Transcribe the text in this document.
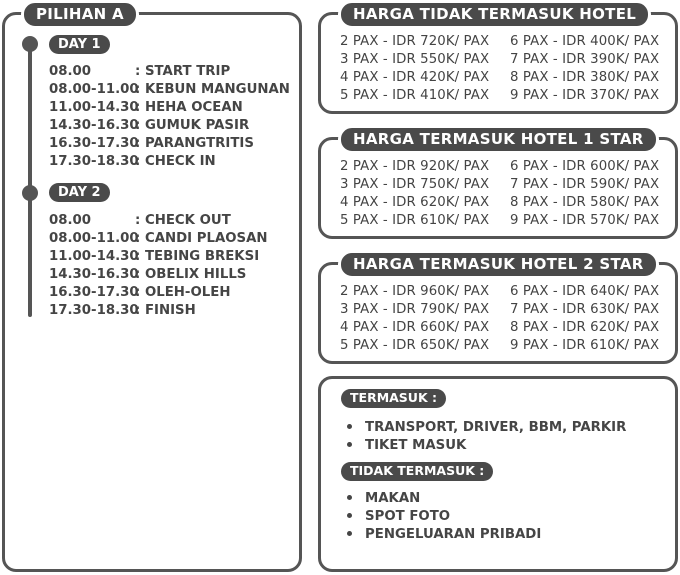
PILIHAN A
DAY 1
08.00	: START TRIP
08.00-11.00: KEBUN MANGUNAN
11.00-14.30: HEHA OCEAN
14.30-16.30: GUMUK PASIR
16.30-17.30: PARANGTRITIS
17.30-18.30: CHECK IN
DAY 2
08.00	: CHECK OUT
08.00-11.00: CANDI PLAOSAN
11.00-14.30: TEBING BREKSI
14.30-16.30: OBELIX HILLS
16.30-17.30: OLEH-OLEH
17.30-18.30: FINISH
HARGA TIDAK TERMASUK HOTEL
2 PAX - IDR 720K/ PAX 6 PAX - IDR 400K/ PAX
3 PAX - IDR 550K/ PAX 7 PAX - IDR 390K/ PAX
4 PAX - IDR 420K/ PAX 8 PAX - IDR 380K/ PAX
5 PAX - IDR 410K/ PAX 9 PAX - IDR 370K/ PAX
HARGA TERMASUK HOTEL 1 STAR
2 PAX - IDR 920K/ PAX 6 PAX - IDR 600K/ PAX
3 PAX - IDR 750K/ PAX 7 PAX - IDR 590K/ PAX
4 PAX - IDR 620K/ PAX 8 PAX - IDR 580K/ PAX
5 PAX - IDR 610K/ PAX 9 PAX - IDR 570K/ PAX
HARGA TERMASUK HOTEL 2 STAR
2 PAX - IDR 960K/ PAX 6 PAX - IDR 640K/ PAX
3 PAX - IDR 790K/ PAX 7 PAX - IDR 630K/ PAX
4 PAX - IDR 660K/ PAX 8 PAX - IDR 620K/ PAX
5 PAX - IDR 650K/ PAX 9 PAX - IDR 610K/ PAX
TERMASUK :
TRANSPORT, DRIVER, BBM, PARKIR
TIKET MASUK
TIDAK TERMASUK :
MAKAN
SPOT FOTO
PENGELUARAN PRIBADI
